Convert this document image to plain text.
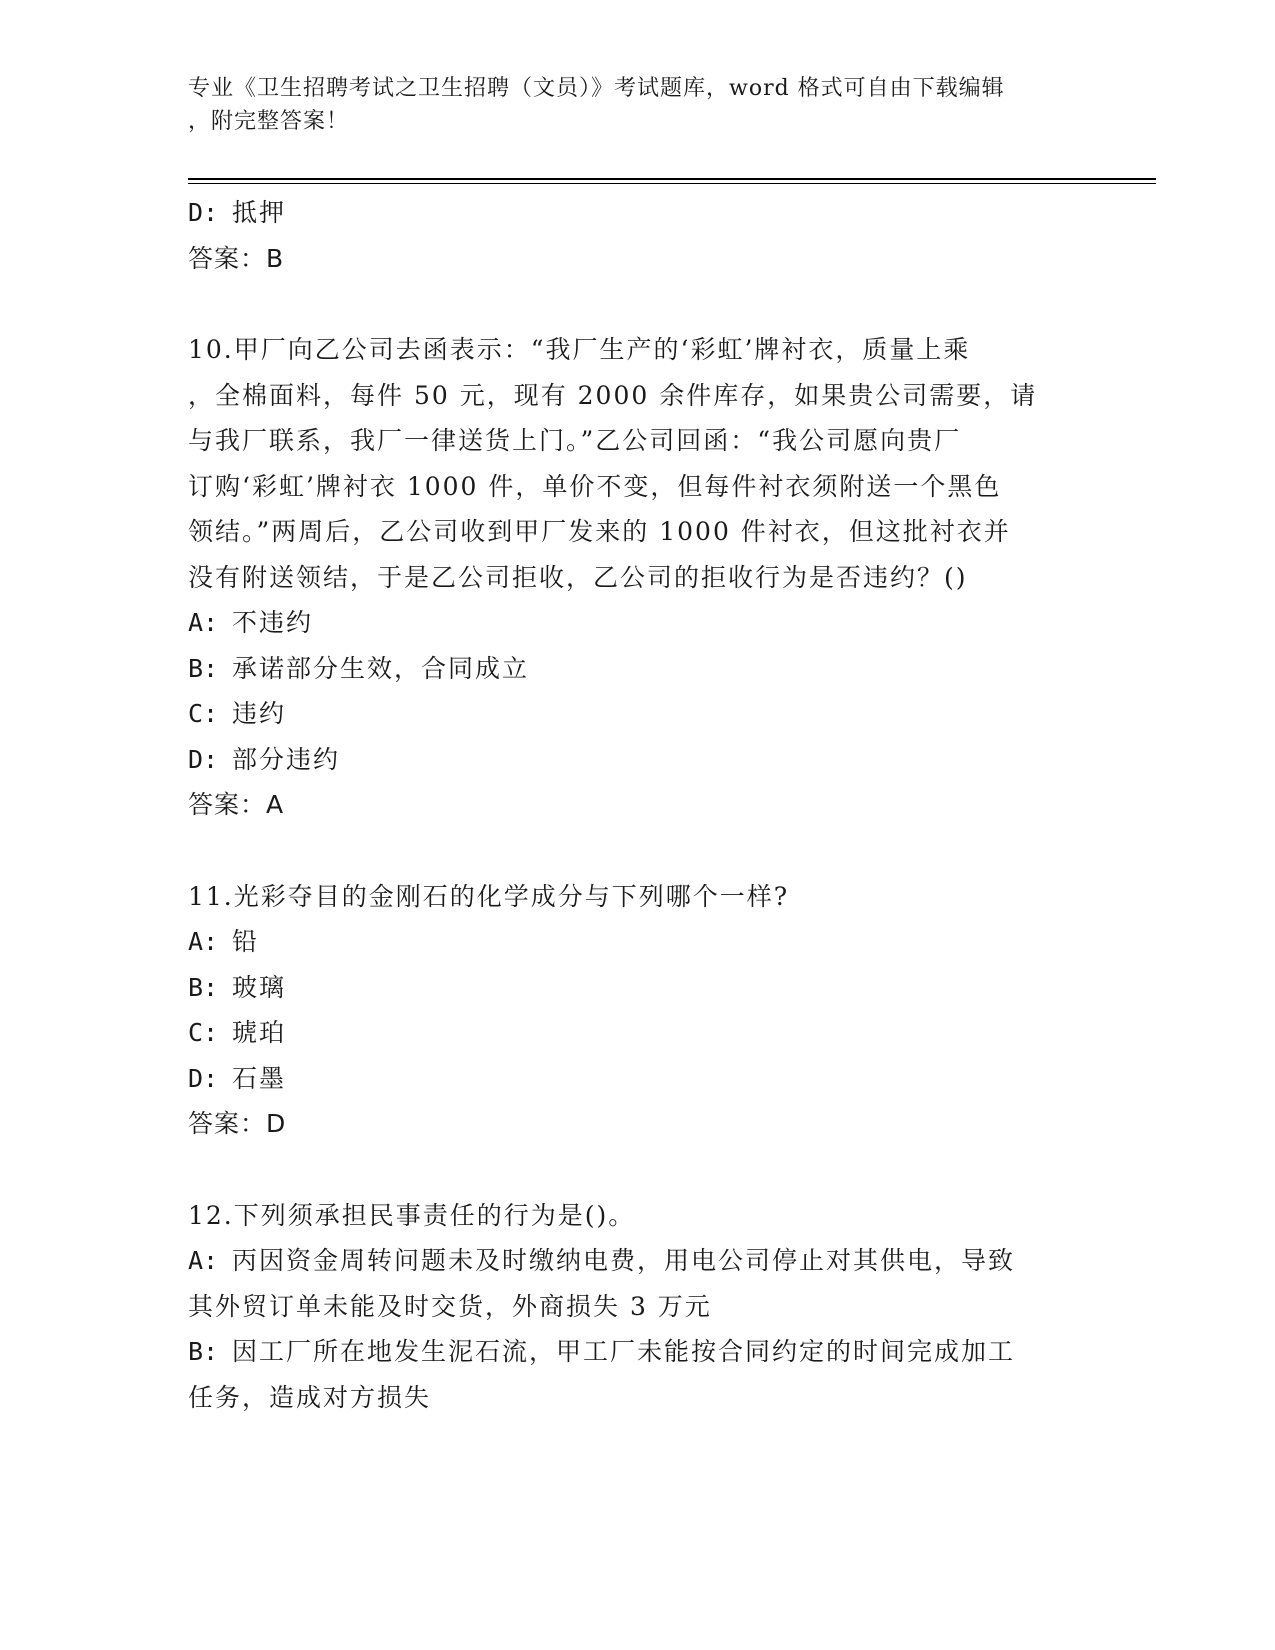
专业《卫生招聘考试之卫生招聘（文员）》考试题库，word 格式可自由下载编辑
，附完整答案！
D: 抵押
答案：B
10.甲厂向乙公司去函表示：“我厂生产的‘彩虹’牌衬衣，质量上乘
，全棉面料，每件 50 元，现有 2000 余件库存，如果贵公司需要，请
与我厂联系，我厂一律送货上门。”乙公司回函：“我公司愿向贵厂
订购‘彩虹’牌衬衣 1000 件，单价不变，但每件衬衣须附送一个黑色
领结。”两周后，乙公司收到甲厂发来的 1000 件衬衣，但这批衬衣并
没有附送领结，于是乙公司拒收，乙公司的拒收行为是否违约？()
A: 不违约
B: 承诺部分生效，合同成立
C: 违约
D: 部分违约
答案：A
11.光彩夺目的金刚石的化学成分与下列哪个一样?
A: 铅
B: 玻璃
C: 琥珀
D: 石墨
答案：D
12.下列须承担民事责任的行为是()。
A: 丙因资金周转问题未及时缴纳电费，用电公司停止对其供电，导致
其外贸订单未能及时交货，外商损失 3 万元
B: 因工厂所在地发生泥石流，甲工厂未能按合同约定的时间完成加工
任务，造成对方损失
